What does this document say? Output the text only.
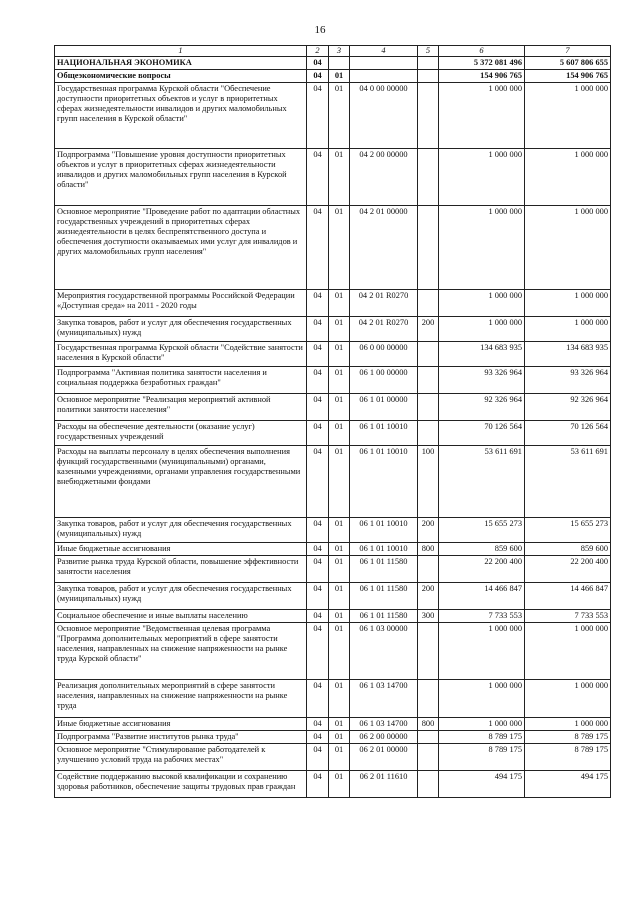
16
1	2	3	4	5	6	7
НАЦИОНАЛЬНАЯ ЭКОНОМИКА	04				5 372 081 496	5 607 806 655
Общеэкономические вопросы	04	01			154 906 765	154 906 765
Государственная программа Курской области "Обеспечение доступности приоритетных объектов и услуг в приоритетных сферах жизнедеятельности инвалидов и других маломобильных групп населения в Курской области"	04	01	04 0 00 00000		1 000 000	1 000 000
Подпрограмма "Повышение уровня доступности приоритетных объектов и услуг в приоритетных сферах жизнедеятельности инвалидов и других маломобильных групп населения в Курской области"	04	01	04 2 00 00000		1 000 000	1 000 000
Основное мероприятие "Проведение работ по адаптации областных государственных учреждений в приоритетных сферах жизнедеятельности в целях беспрепятственного доступа и обеспечения доступности оказываемых ими услуг для инвалидов и других маломобильных групп населения"	04	01	04 2 01 00000		1 000 000	1 000 000
Мероприятия государственной программы Российской Федерации «Доступная среда» на 2011 - 2020 годы	04	01	04 2 01 R0270		1 000 000	1 000 000
Закупка товаров, работ и услуг для обеспечения государственных (муниципальных) нужд	04	01	04 2 01 R0270	200	1 000 000	1 000 000
Государственная программа Курской области "Содействие занятости населения в Курской области"	04	01	06 0 00 00000		134 683 935	134 683 935
Подпрограмма "Активная политика занятости населения и социальная поддержка безработных граждан"	04	01	06 1 00 00000		93 326 964	93 326 964
Основное мероприятие "Реализация мероприятий активной политики занятости населения"	04	01	06 1 01 00000		92 326 964	92 326 964
Расходы на обеспечение деятельности (оказание услуг) государственных учреждений	04	01	06 1 01 10010		70 126 564	70 126 564
Расходы на выплаты персоналу в целях обеспечения выполнения функций государственными (муниципальными) органами, казенными учреждениями, органами управления государственными внебюджетными фондами	04	01	06 1 01 10010	100	53 611 691	53 611 691
Закупка товаров, работ и услуг для обеспечения государственных (муниципальных) нужд	04	01	06 1 01 10010	200	15 655 273	15 655 273
Иные бюджетные ассигнования	04	01	06 1 01 10010	800	859 600	859 600
Развитие рынка труда Курской области, повышение эффективности занятости населения	04	01	06 1 01 11580		22 200 400	22 200 400
Закупка товаров, работ и услуг для обеспечения государственных (муниципальных) нужд	04	01	06 1 01 11580	200	14 466 847	14 466 847
Социальное обеспечение и иные выплаты населению	04	01	06 1 01 11580	300	7 733 553	7 733 553
Основное мероприятие "Ведомственная целевая программа "Программа дополнительных мероприятий в сфере занятости населения, направленных на снижение напряженности на рынке труда Курской области"	04	01	06 1 03 00000		1 000 000	1 000 000
Реализация дополнительных мероприятий в сфере занятости населения, направленных на снижение напряженности на рынке труда	04	01	06 1 03 14700		1 000 000	1 000 000
Иные бюджетные ассигнования	04	01	06 1 03 14700	800	1 000 000	1 000 000
Подпрограмма "Развитие институтов рынка труда"	04	01	06 2 00 00000		8 789 175	8 789 175
Основное мероприятие "Стимулирование работодателей к улучшению условий труда на рабочих местах"	04	01	06 2 01 00000		8 789 175	8 789 175
Содействие поддержанию высокой квалификации и сохранению здоровья работников, обеспечение защиты трудовых прав граждан	04	01	06 2 01 11610		494 175	494 175
